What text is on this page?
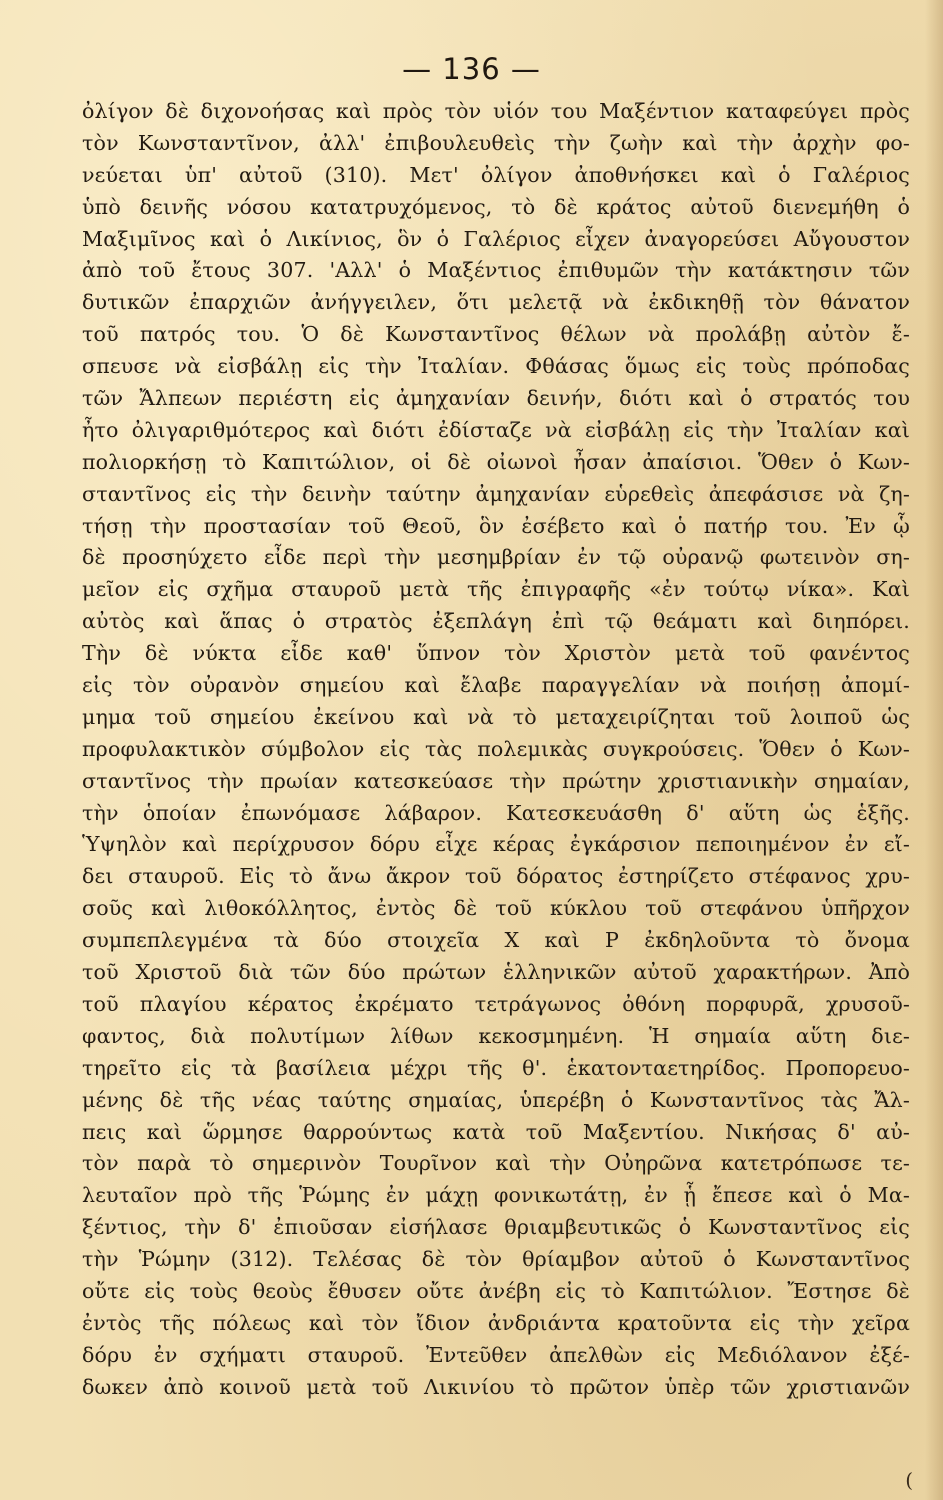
— 136 —
ὀλίγον δὲ διχονοήσας καὶ πρὸς τὸν υἱόν του Μαξέντιον καταφεύγει πρὸς
τὸν Κωνσταντῖνον, ἀλλ' ἐπιβουλευθεὶς τὴν ζωὴν καὶ τὴν ἀρχὴν φο-
νεύεται ὑπ' αὐτοῦ (310). Μετ' ὀλίγον ἀποθνήσκει καὶ ὁ Γαλέριος
ὑπὸ δεινῆς νόσου κατατρυχόμενος, τὸ δὲ κράτος αὐτοῦ διενεμήθη ὁ
Μαξιμῖνος καὶ ὁ Λικίνιος, ὃν ὁ Γαλέριος εἶχεν ἀναγορεύσει Αὔγουστον
ἀπὸ τοῦ ἔτους 307. 'Αλλ' ὁ Μαξέντιος ἐπιθυμῶν τὴν κατάκτησιν τῶν
δυτικῶν ἐπαρχιῶν ἀνήγγειλεν, ὅτι μελετᾷ νὰ ἐκδικηθῇ τὸν θάνατον
τοῦ πατρός του. Ὁ δὲ Κωνσταντῖνος θέλων νὰ προλάβῃ αὐτὸν ἔ-
σπευσε νὰ εἰσβάλῃ εἰς τὴν Ἰταλίαν. Φθάσας ὅμως εἰς τοὺς πρόποδας
τῶν Ἄλπεων περιέστη εἰς ἀμηχανίαν δεινήν, διότι καὶ ὁ στρατός του
ἦτο ὀλιγαριθμότερος καὶ διότι ἐδίσταζε νὰ εἰσβάλῃ εἰς τὴν Ἰταλίαν καὶ
πολιορκήσῃ τὸ Καπιτώλιον, οἱ δὲ οἰωνοὶ ἦσαν ἀπαίσιοι. Ὅθεν ὁ Κων-
σταντῖνος εἰς τὴν δεινὴν ταύτην ἀμηχανίαν εὑρεθεὶς ἀπεφάσισε νὰ ζη-
τήσῃ τὴν προστασίαν τοῦ Θεοῦ, ὃν ἐσέβετο καὶ ὁ πατήρ του. Ἐν ᾧ
δὲ προσηύχετο εἶδε περὶ τὴν μεσημβρίαν ἐν τῷ οὐρανῷ φωτεινὸν ση-
μεῖον εἰς σχῆμα σταυροῦ μετὰ τῆς ἐπιγραφῆς «ἐν τούτῳ νίκα». Καὶ
αὐτὸς καὶ ἅπας ὁ στρατὸς ἐξεπλάγη ἐπὶ τῷ θεάματι καὶ διηπόρει.
Τὴν δὲ νύκτα εἶδε καθ' ὕπνον τὸν Χριστὸν μετὰ τοῦ φανέντος
εἰς τὸν οὐρανὸν σημείου καὶ ἔλαβε παραγγελίαν νὰ ποιήσῃ ἀπομί-
μημα τοῦ σημείου ἐκείνου καὶ νὰ τὸ μεταχειρίζηται τοῦ λοιποῦ ὡς
προφυλακτικὸν σύμβολον εἰς τὰς πολεμικὰς συγκρούσεις. Ὅθεν ὁ Κων-
σταντῖνος τὴν πρωίαν κατεσκεύασε τὴν πρώτην χριστιανικὴν σημαίαν,
τὴν ὁποίαν ἐπωνόμασε λάβαρον. Κατεσκευάσθη δ' αὕτη ὡς ἑξῆς.
Ὑψηλὸν καὶ περίχρυσον δόρυ εἶχε κέρας ἐγκάρσιον πεποιημένον ἐν εἴ-
δει σταυροῦ. Εἰς τὸ ἄνω ἄκρον τοῦ δόρατος ἐστηρίζετο στέφανος χρυ-
σοῦς καὶ λιθοκόλλητος, ἐντὸς δὲ τοῦ κύκλου τοῦ στεφάνου ὑπῆρχον
συμπεπλεγμένα τὰ δύο στοιχεῖα Χ καὶ Ρ ἐκδηλοῦντα τὸ ὄνομα
τοῦ Χριστοῦ διὰ τῶν δύο πρώτων ἑλληνικῶν αὐτοῦ χαρακτήρων. Ἀπὸ
τοῦ πλαγίου κέρατος ἐκρέματο τετράγωνος ὀθόνη πορφυρᾶ, χρυσοῦ-
φαντος, διὰ πολυτίμων λίθων κεκοσμημένη. Ἡ σημαία αὕτη διε-
τηρεῖτο εἰς τὰ βασίλεια μέχρι τῆς θ'. ἑκατονταετηρίδος. Προπορευο-
μένης δὲ τῆς νέας ταύτης σημαίας, ὑπερέβη ὁ Κωνσταντῖνος τὰς Ἄλ-
πεις καὶ ὥρμησε θαρρούντως κατὰ τοῦ Μαξεντίου. Νικήσας δ' αὐ-
τὸν παρὰ τὸ σημερινὸν Τουρῖνον καὶ τὴν Οὐηρῶνα κατετρόπωσε τε-
λευταῖον πρὸ τῆς Ῥώμης ἐν μάχῃ φονικωτάτῃ, ἐν ᾗ ἔπεσε καὶ ὁ Μα-
ξέντιος, τὴν δ' ἐπιοῦσαν εἰσήλασε θριαμβευτικῶς ὁ Κωνσταντῖνος εἰς
τὴν Ῥώμην (312). Τελέσας δὲ τὸν θρίαμβον αὐτοῦ ὁ Κωνσταντῖνος
οὔτε εἰς τοὺς θεοὺς ἔθυσεν οὔτε ἀνέβη εἰς τὸ Καπιτώλιον. Ἔστησε δὲ
ἐντὸς τῆς πόλεως καὶ τὸν ἴδιον ἀνδριάντα κρατοῦντα εἰς τὴν χεῖρα
δόρυ ἐν σχήματι σταυροῦ. Ἐντεῦθεν ἀπελθὼν εἰς Μεδιόλανον ἐξέ-
δωκεν ἀπὸ κοινοῦ μετὰ τοῦ Λικινίου τὸ πρῶτον ὑπὲρ τῶν χριστιανῶν
(
